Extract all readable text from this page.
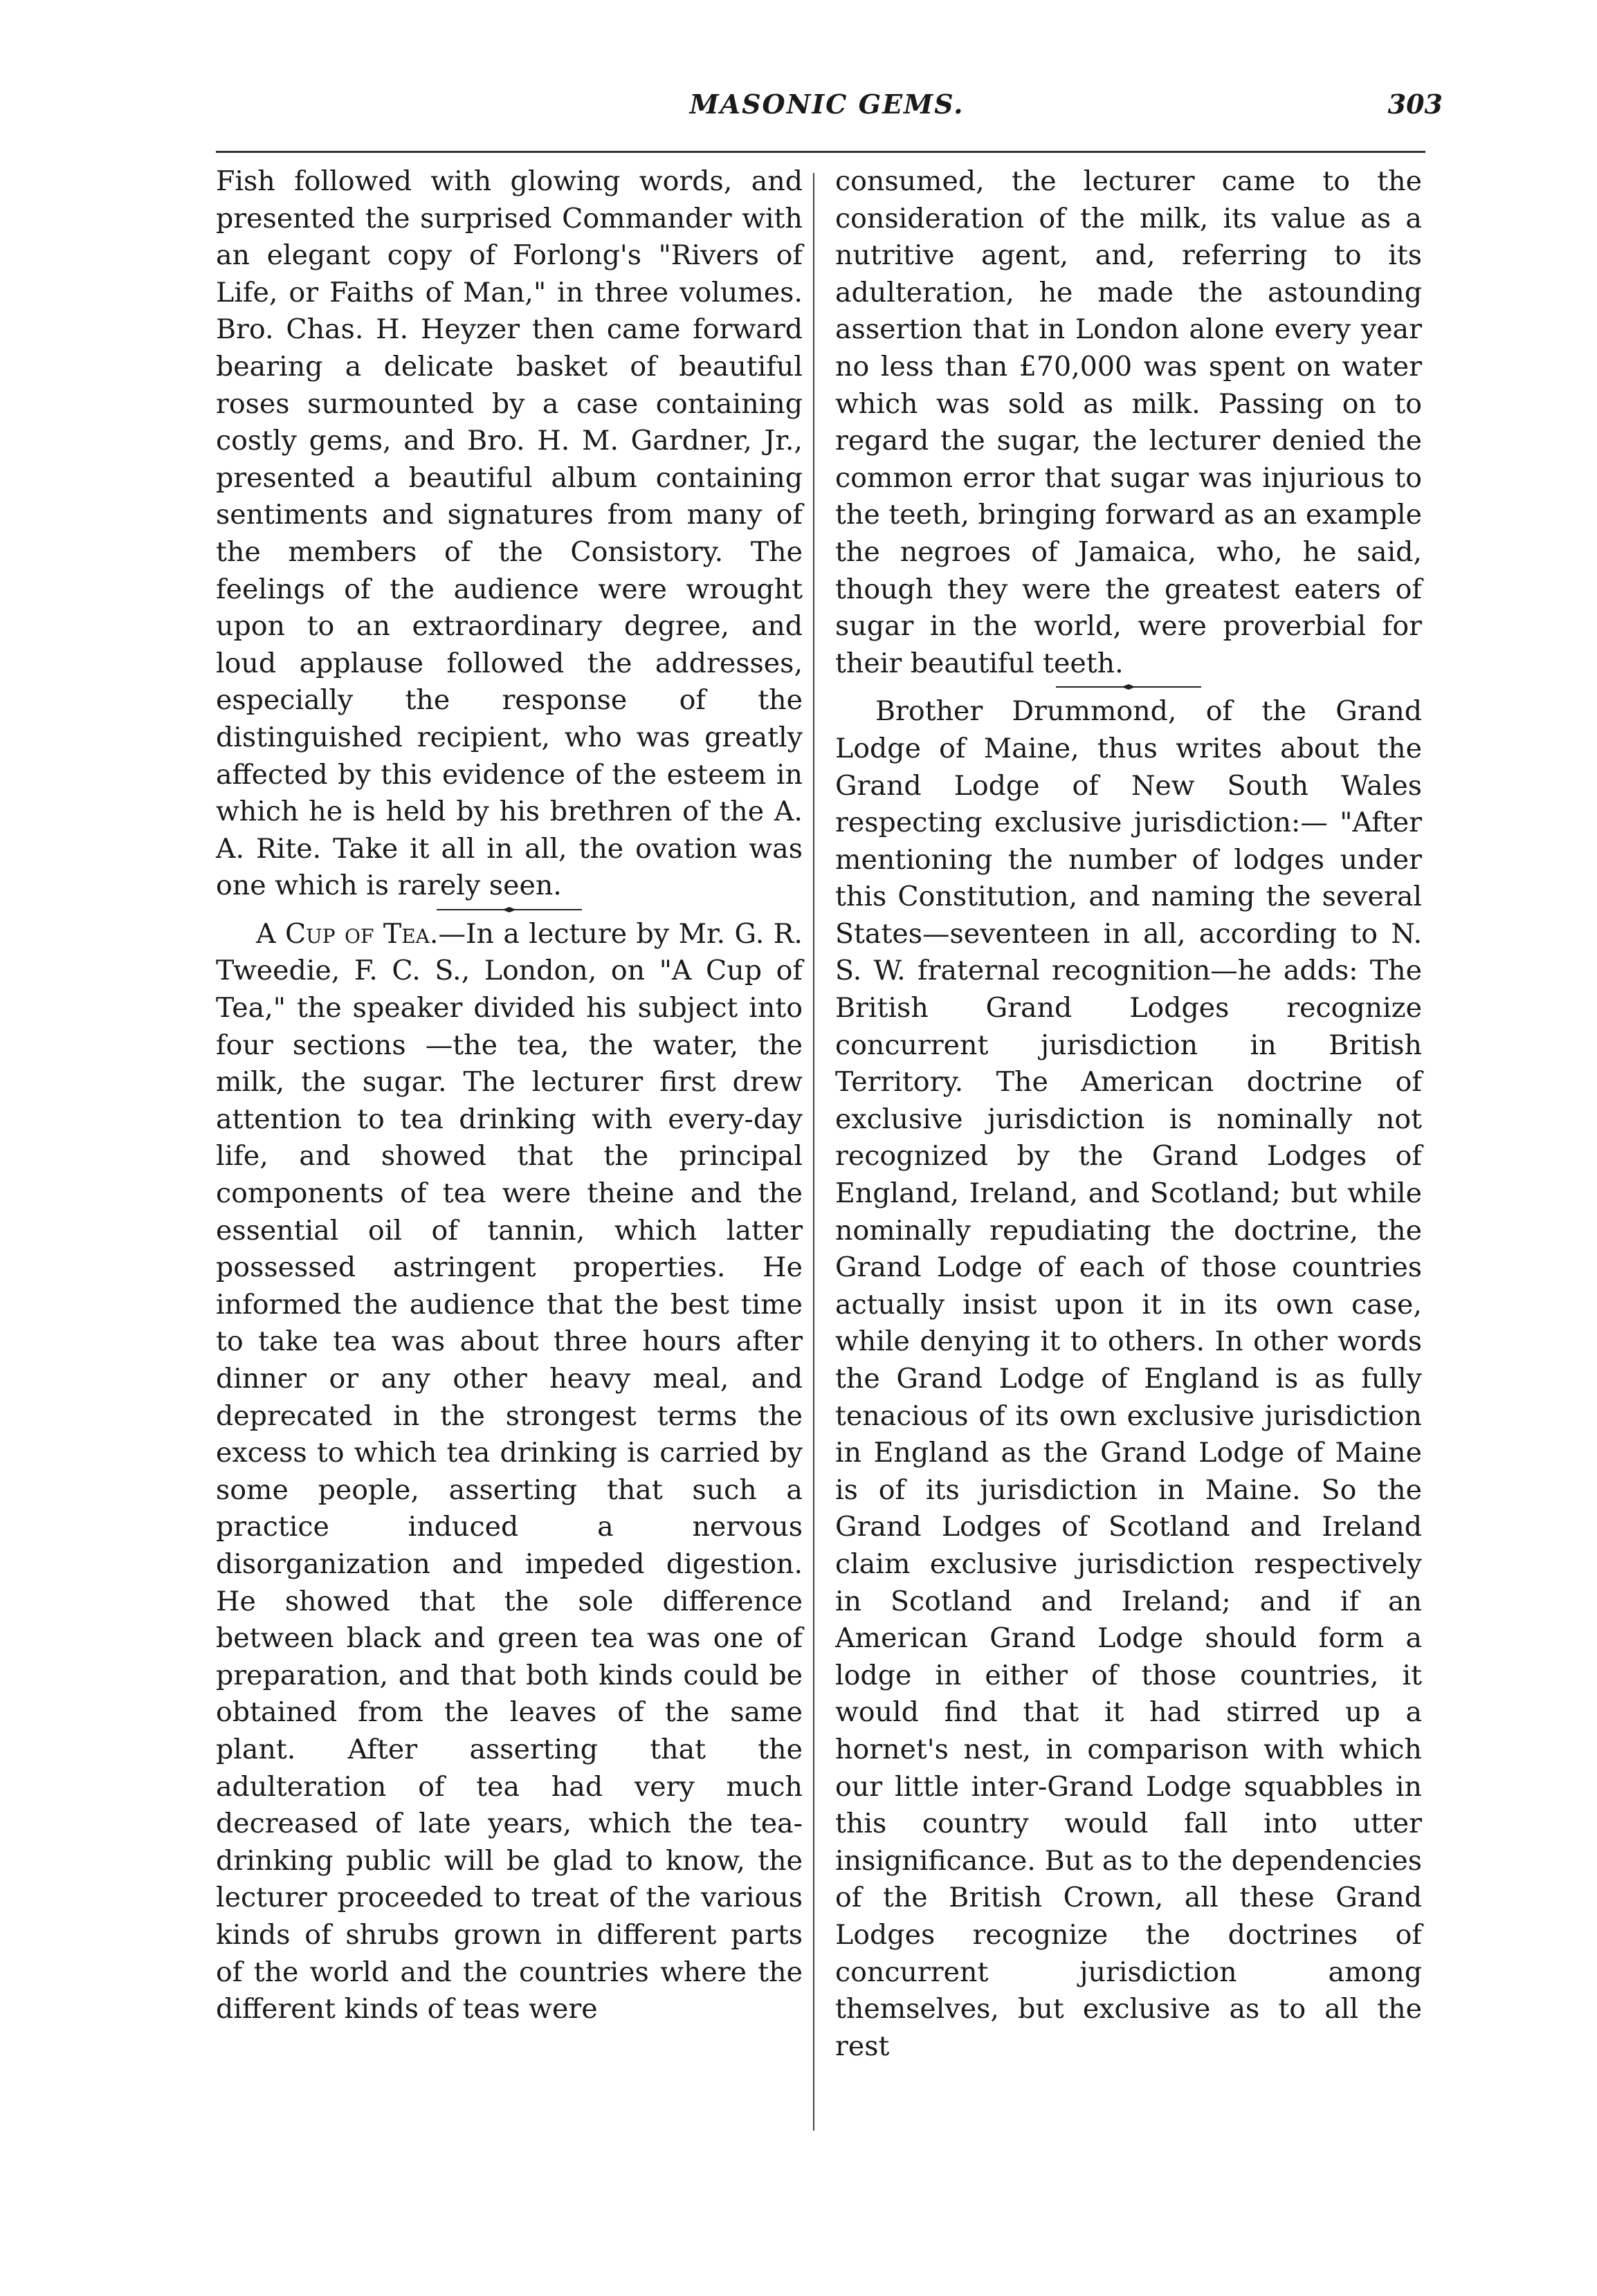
MASONIC GEMS.	303

Fish followed with glowing words, and presented the surprised Commander with an elegant copy of Forlong's "Rivers of Life, or Faiths of Man," in three volumes. Bro. Chas. H. Heyzer then came forward bearing a delicate basket of beautiful roses surmounted by a case containing costly gems, and Bro. H. M. Gardner, Jr., presented a beautiful album containing sentiments and signatures from many of the members of the Consistory. The feelings of the audience were wrought upon to an extraordinary degree, and loud applause followed the addresses, especially the response of the distinguished recipient, who was greatly affected by this evidence of the esteem in which he is held by his brethren of the A. A. Rite. Take it all in all, the ovation was one which is rarely seen.

A Cup of Tea.—In a lecture by Mr. G. R. Tweedie, F. C. S., London, on "A Cup of Tea," the speaker divided his subject into four sections —the tea, the water, the milk, the sugar. The lecturer first drew attention to tea drinking with every-day life, and showed that the principal components of tea were theine and the essential oil of tannin, which latter possessed astringent properties. He informed the audience that the best time to take tea was about three hours after dinner or any other heavy meal, and deprecated in the strongest terms the excess to which tea drinking is carried by some people, asserting that such a practice induced a nervous disorganization and impeded digestion. He showed that the sole difference between black and green tea was one of preparation, and that both kinds could be obtained from the leaves of the same plant. After asserting that the adulteration of tea had very much decreased of late years, which the tea-drinking public will be glad to know, the lecturer proceeded to treat of the various kinds of shrubs grown in different parts of the world and the countries where the different kinds of teas were

consumed, the lecturer came to the consideration of the milk, its value as a nutritive agent, and, referring to its adulteration, he made the astounding assertion that in London alone every year no less than £70,000 was spent on water which was sold as milk. Passing on to regard the sugar, the lecturer denied the common error that sugar was injurious to the teeth, bringing forward as an example the negroes of Jamaica, who, he said, though they were the greatest eaters of sugar in the world, were proverbial for their beautiful teeth.

Brother Drummond, of the Grand Lodge of Maine, thus writes about the Grand Lodge of New South Wales respecting exclusive jurisdiction:— "After mentioning the number of lodges under this Constitution, and naming the several States—seventeen in all, according to N. S. W. fraternal recognition—he adds: The British Grand Lodges recognize concurrent jurisdiction in British Territory. The American doctrine of exclusive jurisdiction is nominally not recognized by the Grand Lodges of England, Ireland, and Scotland; but while nominally repudiating the doctrine, the Grand Lodge of each of those countries actually insist upon it in its own case, while denying it to others. In other words the Grand Lodge of England is as fully tenacious of its own exclusive jurisdiction in England as the Grand Lodge of Maine is of its jurisdiction in Maine. So the Grand Lodges of Scotland and Ireland claim exclusive jurisdiction respectively in Scotland and Ireland; and if an American Grand Lodge should form a lodge in either of those countries, it would find that it had stirred up a hornet's nest, in comparison with which our little inter-Grand Lodge squabbles in this country would fall into utter insignificance. But as to the dependencies of the British Crown, all these Grand Lodges recognize the doctrines of concurrent jurisdiction among themselves, but exclusive as to all the rest
